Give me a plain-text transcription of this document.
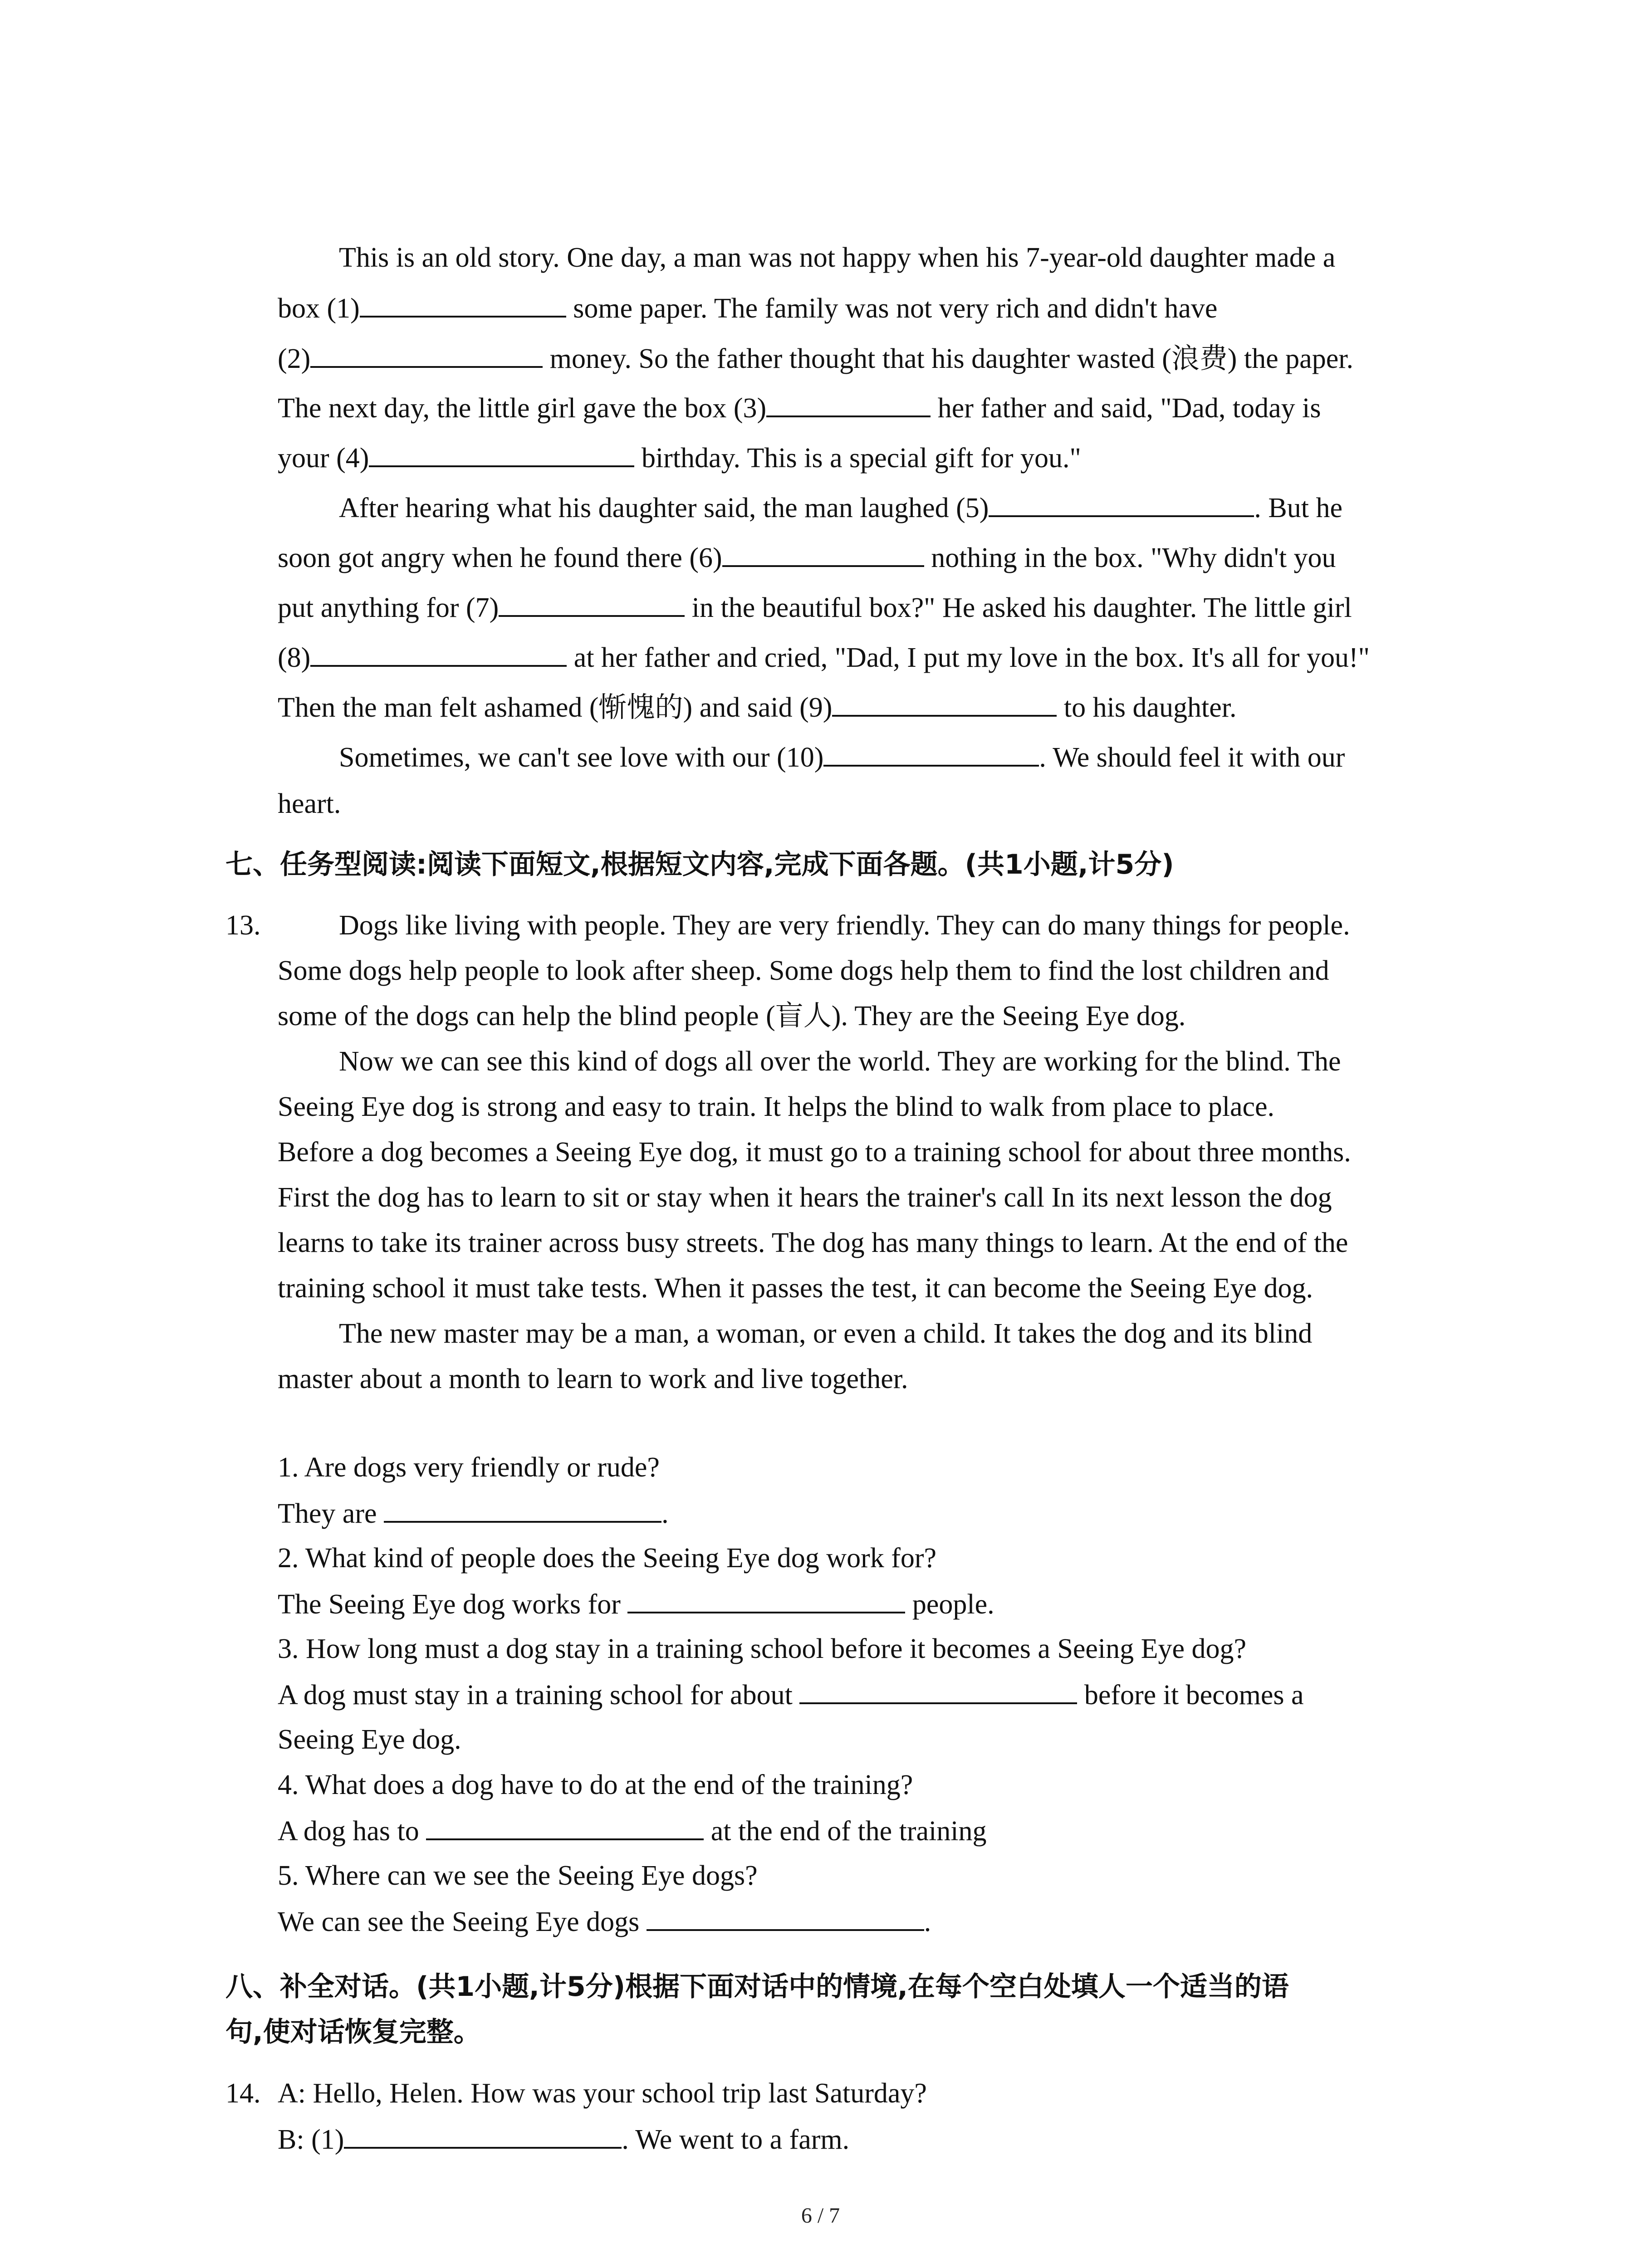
This is an old story. One day, a man was not happy when his 7-year-old daughter made a
box (1)	some paper. The family was not very rich and didn't have
(2)	money. So the father thought that his daughter wasted (浪费) the paper.
The next day, the little girl gave the box (3)	her father and said, "Dad, today is
your (4)	birthday. This is a special gift for you."
After hearing what his daughter said, the man laughed (5)	. But he
soon got angry when he found there (6)	nothing in the box. "Why didn't you
put anything for (7)	in the beautiful box?" He asked his daughter. The little girl
(8)	at her father and cried, "Dad, I put my love in the box. It's all for you!"
Then the man felt ashamed (惭愧的) and said (9)	to his daughter.
Sometimes, we can't see love with our (10)	. We should feel it with our
heart.
七、任务型阅读:阅读下面短文,根据短文内容,完成下面各题。(共1小题,计5分)
13.	Dogs like living with people. They are very friendly. They can do many things for people.
Some dogs help people to look after sheep. Some dogs help them to find the lost children and
some of the dogs can help the blind people (盲人). They are the Seeing Eye dog.
Now we can see this kind of dogs all over the world. They are working for the blind. The
Seeing Eye dog is strong and easy to train. It helps the blind to walk from place to place.
Before a dog becomes a Seeing Eye dog, it must go to a training school for about three months.
First the dog has to learn to sit or stay when it hears the trainer's call In its next lesson the dog
learns to take its trainer across busy streets. The dog has many things to learn. At the end of the
training school it must take tests. When it passes the test, it can become the Seeing Eye dog.
The new master may be a man, a woman, or even a child. It takes the dog and its blind
master about a month to learn to work and live together.
1. Are dogs very friendly or rude?
They are	.
2. What kind of people does the Seeing Eye dog work for?
The Seeing Eye dog works for	people.
3. How long must a dog stay in a training school before it becomes a Seeing Eye dog?
A dog must stay in a training school for about	before it becomes a
Seeing Eye dog.
4. What does a dog have to do at the end of the training?
A dog has to	at the end of the training
5. Where can we see the Seeing Eye dogs?
We can see the Seeing Eye dogs	.
八、补全对话。(共1小题,计5分)根据下面对话中的情境,在每个空白处填人一个适当的语
句,使对话恢复完整。
14. A: Hello, Helen. How was your school trip last Saturday?
B: (1)	. We went to a farm.
6 / 7
